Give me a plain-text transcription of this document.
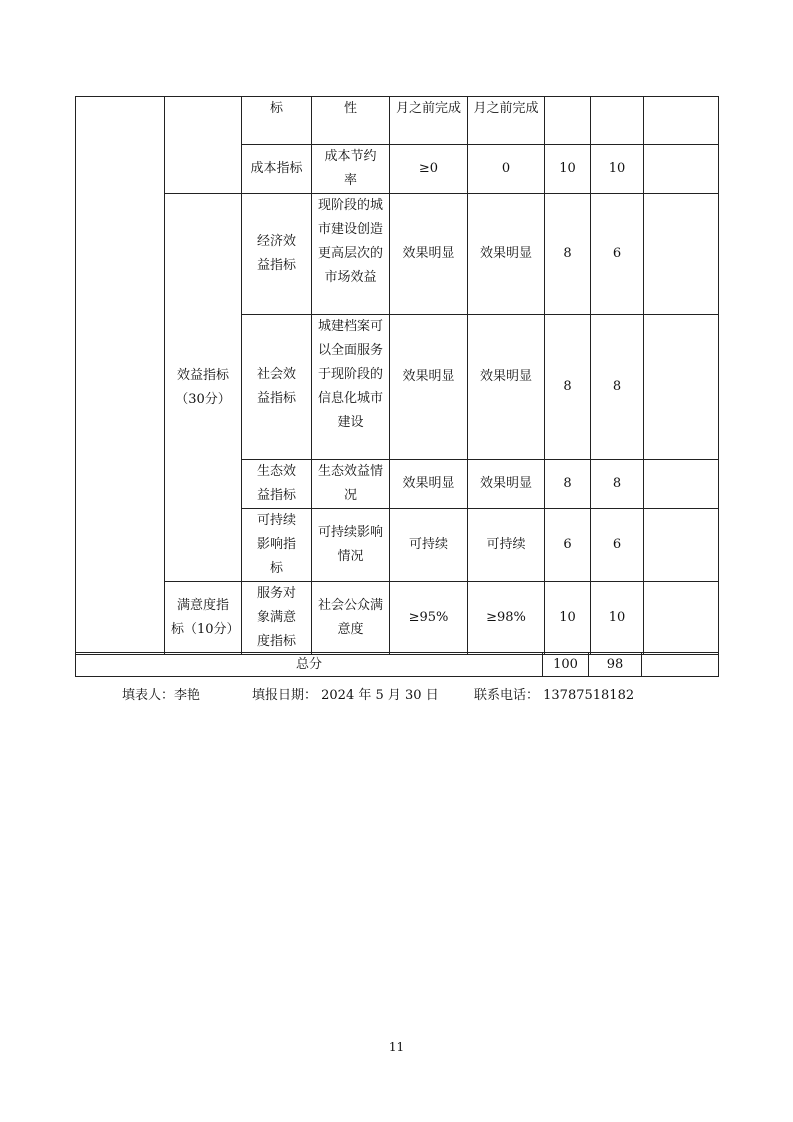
		标	性	月之前完成	月之前完成			
		成本指标	成本节约率	≥0	0	10	10	
	效益指标（30分）	经济效益指标	现阶段的城市建设创造更高层次的市场效益	效果明显	效果明显	8	6	
		社会效益指标	城建档案可以全面服务于现阶段的信息化城市建设	效果明显	效果明显	8	8	
		生态效益指标	生态效益情况	效果明显	效果明显	8	8	
		可持续影响指标	可持续影响情况	可持续	可持续	6	6	
	满意度指标（10分）	服务对象满意度指标	社会公众满意度	≥95%	≥98%	10	10	
总分	100	98	
填表人：李艳	填报日期： 2024 年 5 月 30 日	联系电话： 13787518182
11
